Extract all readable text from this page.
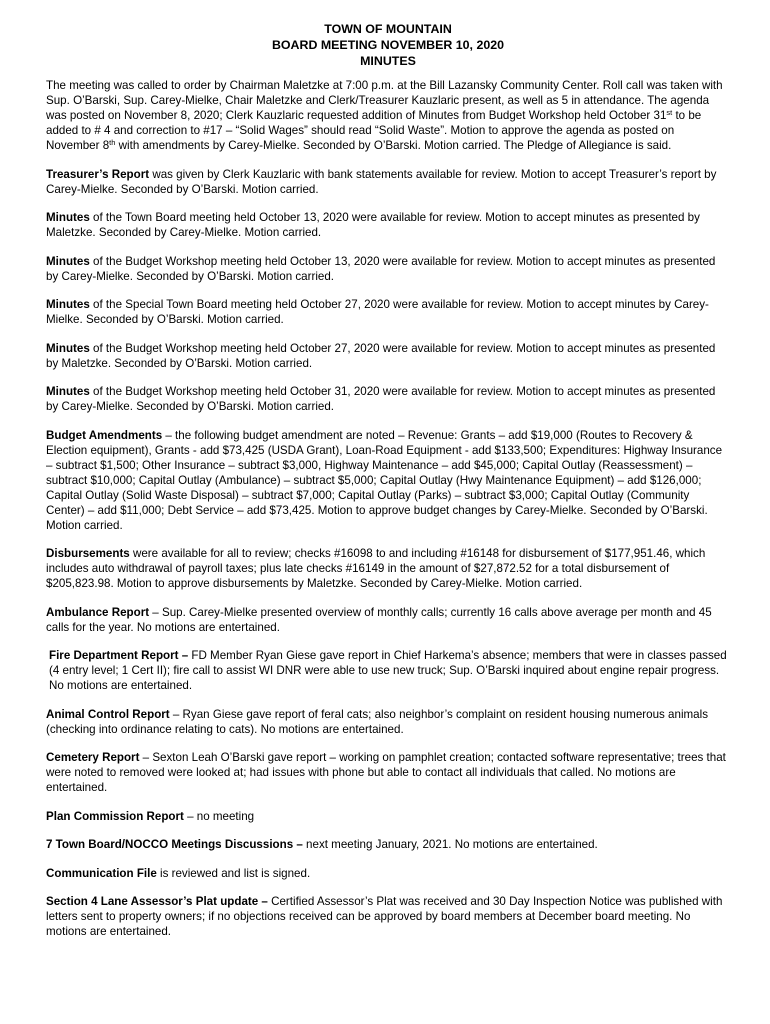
TOWN OF MOUNTAIN
BOARD MEETING NOVEMBER 10, 2020
MINUTES

The meeting was called to order by Chairman Maletzke at 7:00 p.m. at the Bill Lazansky Community Center. Roll call was taken with Sup. O’Barski, Sup. Carey-Mielke, Chair Maletzke and Clerk/Treasurer Kauzlaric present, as well as 5 in attendance. The agenda was posted on November 8, 2020; Clerk Kauzlaric requested addition of Minutes from Budget Workshop held October 31st to be added to # 4 and correction to #17 – “Solid Wages” should read “Solid Waste”. Motion to approve the agenda as posted on November 8th with amendments by Carey-Mielke. Seconded by O’Barski. Motion carried. The Pledge of Allegiance is said.

Treasurer’s Report was given by Clerk Kauzlaric with bank statements available for review. Motion to accept Treasurer’s report by Carey-Mielke. Seconded by O’Barski. Motion carried.

Minutes of the Town Board meeting held October 13, 2020 were available for review. Motion to accept minutes as presented by Maletzke. Seconded by Carey-Mielke. Motion carried.

Minutes of the Budget Workshop meeting held October 13, 2020 were available for review. Motion to accept minutes as presented by Carey-Mielke. Seconded by O’Barski. Motion carried.

Minutes of the Special Town Board meeting held October 27, 2020 were available for review. Motion to accept minutes by Carey-Mielke. Seconded by O’Barski. Motion carried.

Minutes of the Budget Workshop meeting held October 27, 2020 were available for review. Motion to accept minutes as presented by Maletzke. Seconded by O’Barski. Motion carried.

Minutes of the Budget Workshop meeting held October 31, 2020 were available for review. Motion to accept minutes as presented by Carey-Mielke. Seconded by O’Barski. Motion carried.

Budget Amendments – the following budget amendment are noted – Revenue: Grants – add $19,000 (Routes to Recovery & Election equipment), Grants - add $73,425 (USDA Grant), Loan-Road Equipment - add $133,500; Expenditures: Highway Insurance – subtract $1,500; Other Insurance – subtract $3,000, Highway Maintenance – add $45,000; Capital Outlay (Reassessment) – subtract $10,000; Capital Outlay (Ambulance) – subtract $5,000; Capital Outlay (Hwy Maintenance Equipment) – add $126,000; Capital Outlay (Solid Waste Disposal) – subtract $7,000; Capital Outlay (Parks) – subtract $3,000; Capital Outlay (Community Center) – add $11,000; Debt Service – add $73,425. Motion to approve budget changes by Carey-Mielke. Seconded by O’Barski. Motion carried.

Disbursements were available for all to review; checks #16098 to and including #16148 for disbursement of $177,951.46, which includes auto withdrawal of payroll taxes; plus late checks #16149 in the amount of $27,872.52 for a total disbursement of $205,823.98. Motion to approve disbursements by Maletzke. Seconded by Carey-Mielke. Motion carried.

Ambulance Report – Sup. Carey-Mielke presented overview of monthly calls; currently 16 calls above average per month and 45 calls for the year. No motions are entertained.

Fire Department Report – FD Member Ryan Giese gave report in Chief Harkema’s absence; members that were in classes passed (4 entry level; 1 Cert II); fire call to assist WI DNR were able to use new truck; Sup. O’Barski inquired about engine repair progress. No motions are entertained.

Animal Control Report – Ryan Giese gave report of feral cats; also neighbor’s complaint on resident housing numerous animals (checking into ordinance relating to cats). No motions are entertained.

Cemetery Report – Sexton Leah O’Barski gave report – working on pamphlet creation; contacted software representative; trees that were noted to removed were looked at; had issues with phone but able to contact all individuals that called. No motions are entertained.

Plan Commission Report – no meeting

7 Town Board/NOCCO Meetings Discussions – next meeting January, 2021. No motions are entertained.

Communication File is reviewed and list is signed.

Section 4 Lane Assessor’s Plat update – Certified Assessor’s Plat was received and 30 Day Inspection Notice was published with letters sent to property owners; if no objections received can be approved by board members at December board meeting. No motions are entertained.
